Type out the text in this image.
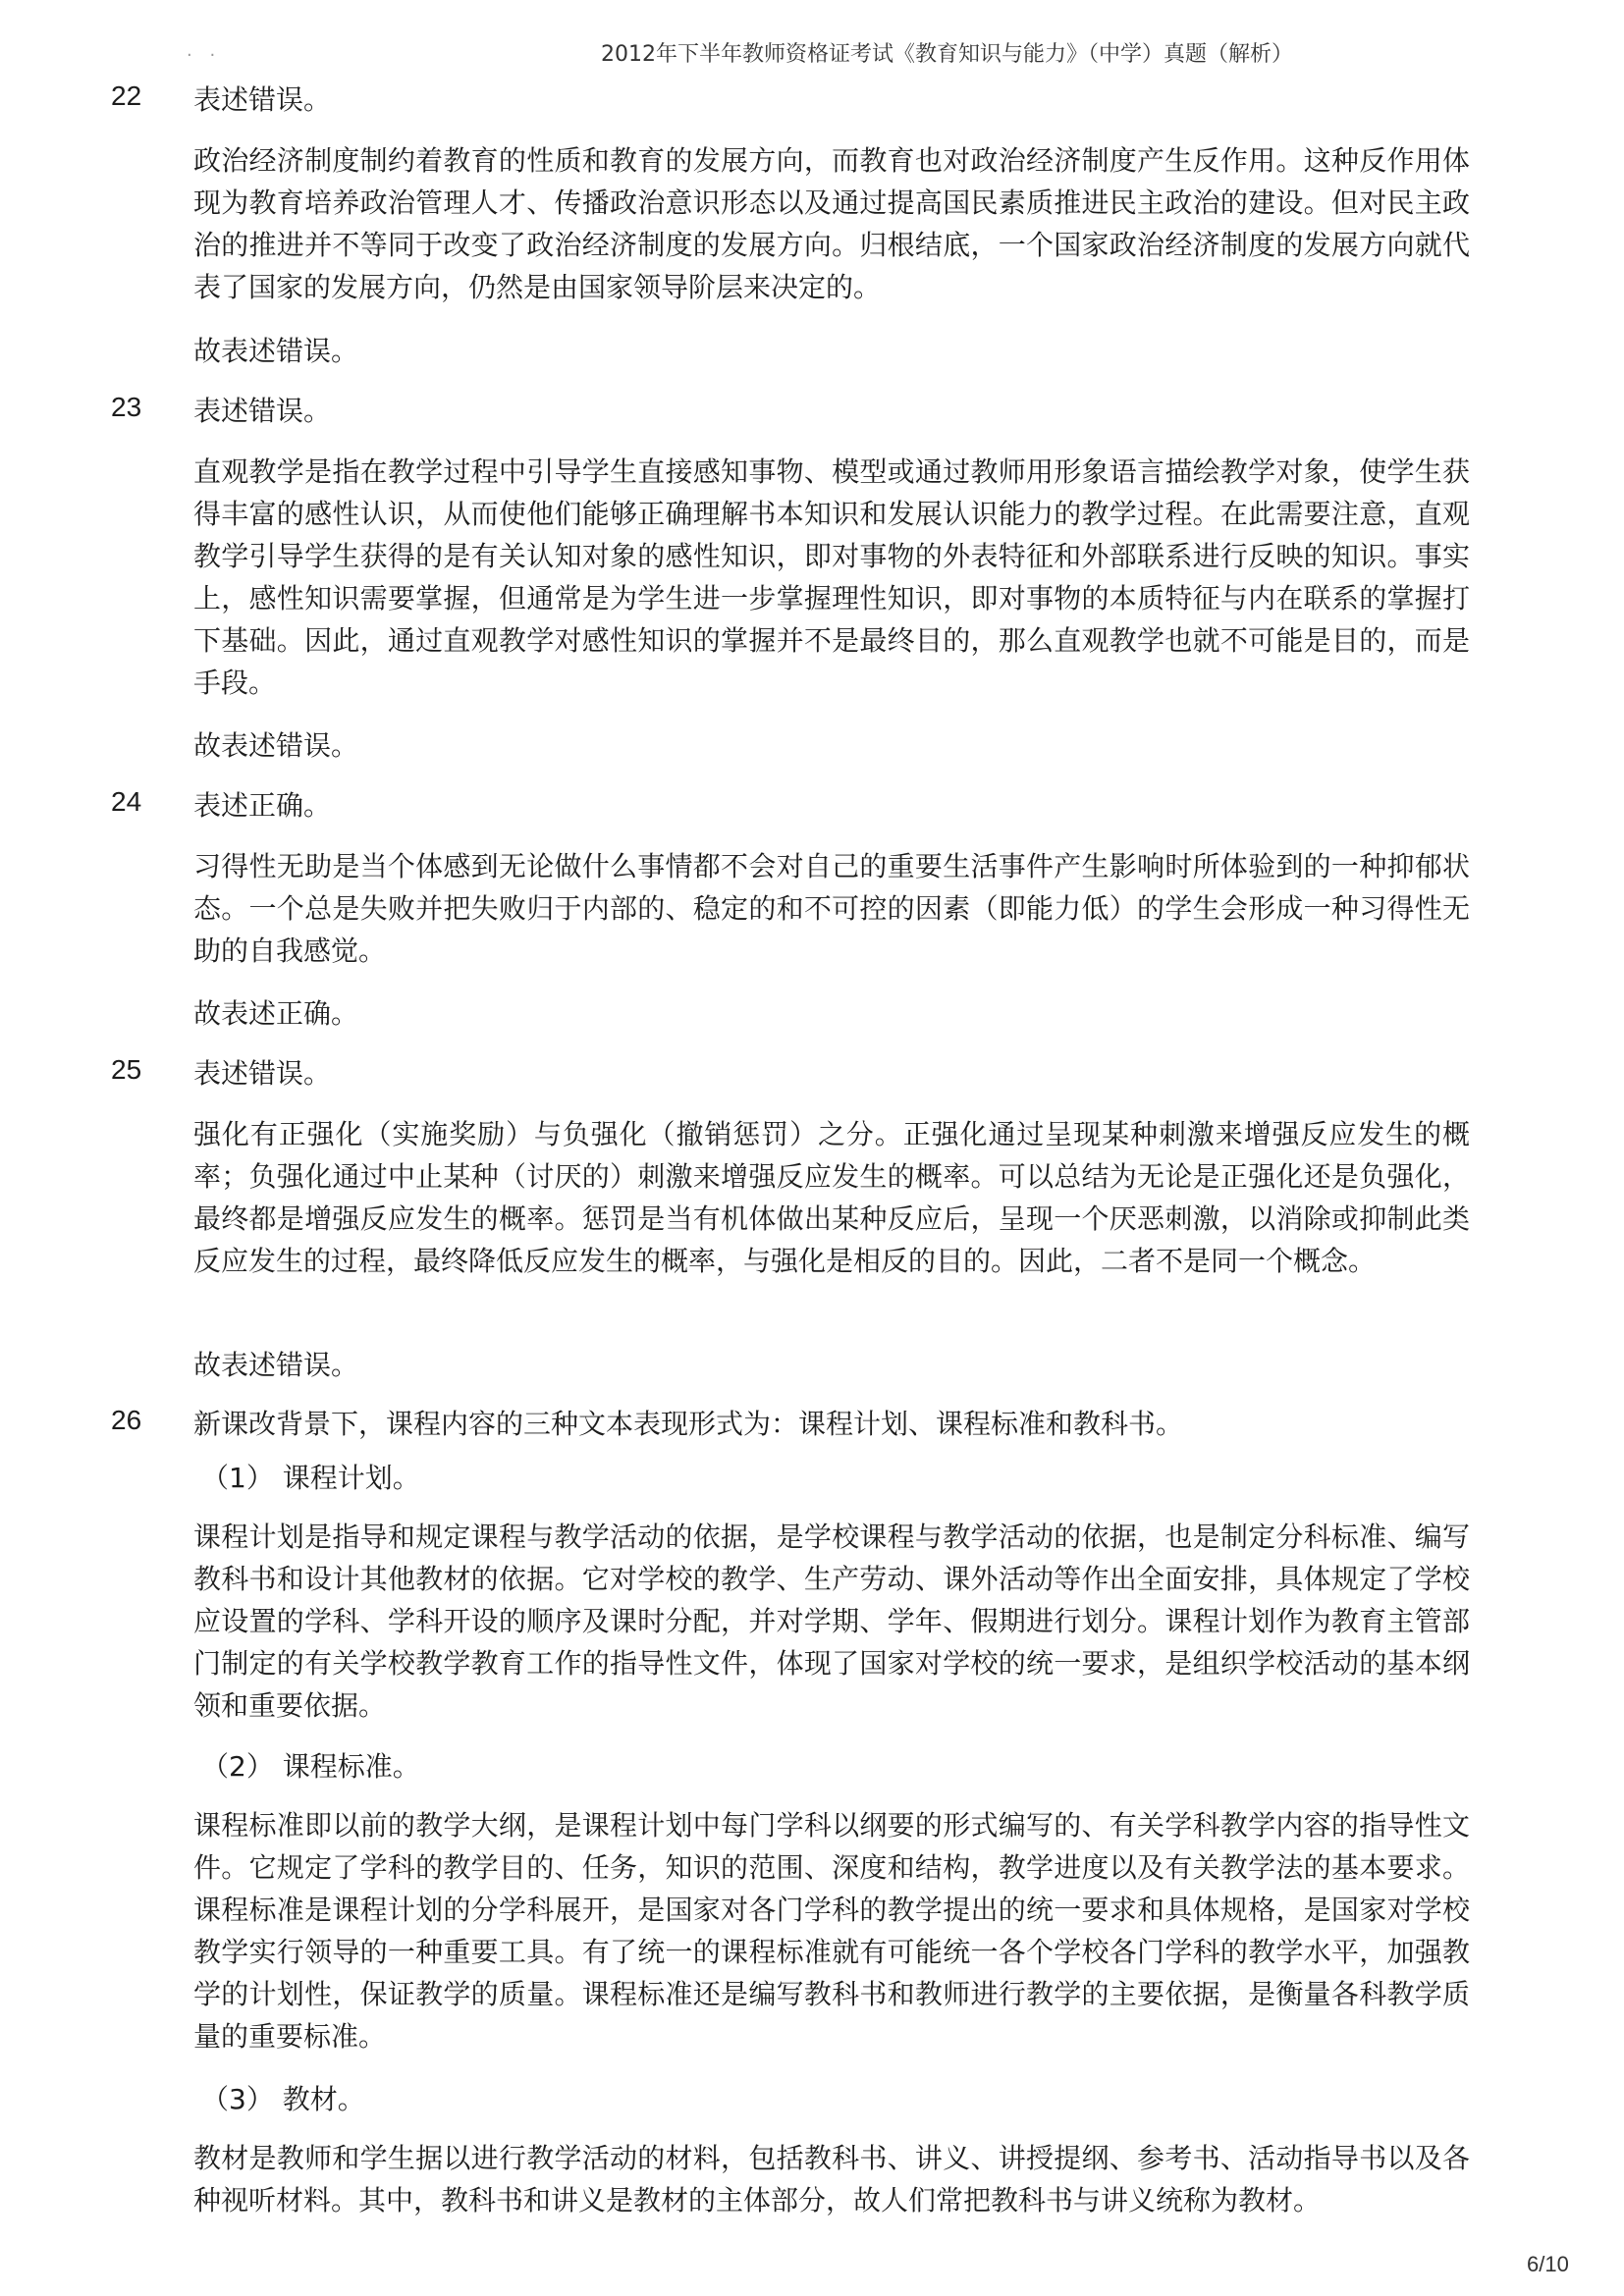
· ·	2012年下半年教师资格证考试《教育知识与能力》（中学）真题（解析）
22 表述错误。
政治经济制度制约着教育的性质和教育的发展方向，而教育也对政治经济制度产生反作用。这种反作用体现为教育培养政治管理人才、传播政治意识形态以及通过提高国民素质推进民主政治的建设。但对民主政治的推进并不等同于改变了政治经济制度的发展方向。归根结底，一个国家政治经济制度的发展方向就代表了国家的发展方向，仍然是由国家领导阶层来决定的。
故表述错误。
23 表述错误。
直观教学是指在教学过程中引导学生直接感知事物、模型或通过教师用形象语言描绘教学对象，使学生获得丰富的感性认识，从而使他们能够正确理解书本知识和发展认识能力的教学过程。在此需要注意，直观教学引导学生获得的是有关认知对象的感性知识，即对事物的外表特征和外部联系进行反映的知识。事实上，感性知识需要掌握，但通常是为学生进一步掌握理性知识，即对事物的本质特征与内在联系的掌握打下基础。因此，通过直观教学对感性知识的掌握并不是最终目的，那么直观教学也就不可能是目的，而是手段。
故表述错误。
24 表述正确。
习得性无助是当个体感到无论做什么事情都不会对自己的重要生活事件产生影响时所体验到的一种抑郁状态。一个总是失败并把失败归于内部的、稳定的和不可控的因素（即能力低）的学生会形成一种习得性无助的自我感觉。
故表述正确。
25 表述错误。
强化有正强化（实施奖励）与负强化（撤销惩罚）之分。正强化通过呈现某种刺激来增强反应发生的概率；负强化通过中止某种（讨厌的）刺激来增强反应发生的概率。可以总结为无论是正强化还是负强化，最终都是增强反应发生的概率。惩罚是当有机体做出某种反应后，呈现一个厌恶刺激，以消除或抑制此类反应发生的过程，最终降低反应发生的概率，与强化是相反的目的。因此，二者不是同一个概念。
故表述错误。
26 新课改背景下，课程内容的三种文本表现形式为：课程计划、课程标准和教科书。
（1） 课程计划。
课程计划是指导和规定课程与教学活动的依据，是学校课程与教学活动的依据，也是制定分科标准、编写教科书和设计其他教材的依据。它对学校的教学、生产劳动、课外活动等作出全面安排，具体规定了学校应设置的学科、学科开设的顺序及课时分配，并对学期、学年、假期进行划分。课程计划作为教育主管部门制定的有关学校教学教育工作的指导性文件，体现了国家对学校的统一要求，是组织学校活动的基本纲领和重要依据。
（2） 课程标准。
课程标准即以前的教学大纲，是课程计划中每门学科以纲要的形式编写的、有关学科教学内容的指导性文件。它规定了学科的教学目的、任务，知识的范围、深度和结构，教学进度以及有关教学法的基本要求。课程标准是课程计划的分学科展开，是国家对各门学科的教学提出的统一要求和具体规格，是国家对学校教学实行领导的一种重要工具。有了统一的课程标准就有可能统一各个学校各门学科的教学水平，加强教学的计划性，保证教学的质量。课程标准还是编写教科书和教师进行教学的主要依据，是衡量各科教学质量的重要标准。
（3） 教材。
教材是教师和学生据以进行教学活动的材料，包括教科书、讲义、讲授提纲、参考书、活动指导书以及各种视听材料。其中，教科书和讲义是教材的主体部分，故人们常把教科书与讲义统称为教材。
6/10
